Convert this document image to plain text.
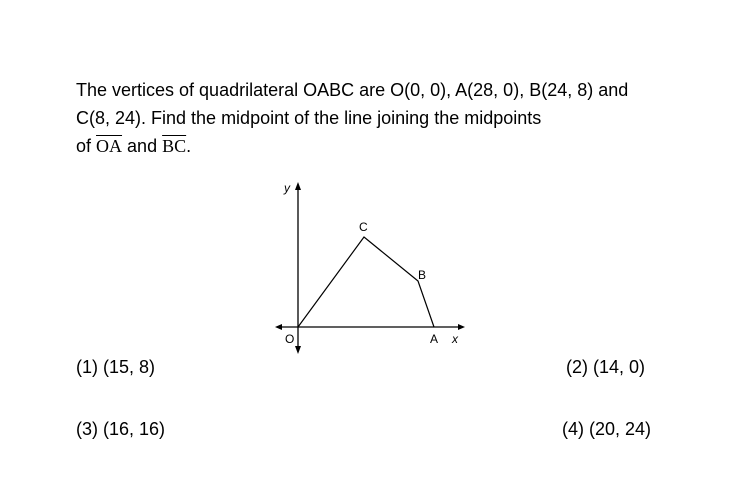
The vertices of quadrilateral OABC are O(0, 0), A(28, 0), B(24, 8) and
C(8, 24). Find the midpoint of the line joining the midpoints
of $\overline{OA}$ and $\overline{BC}$.
y
C
B
O	A x
(1) (15, 8)	(2) (14, 0)
(3) (16, 16)	(4) (20, 24)
